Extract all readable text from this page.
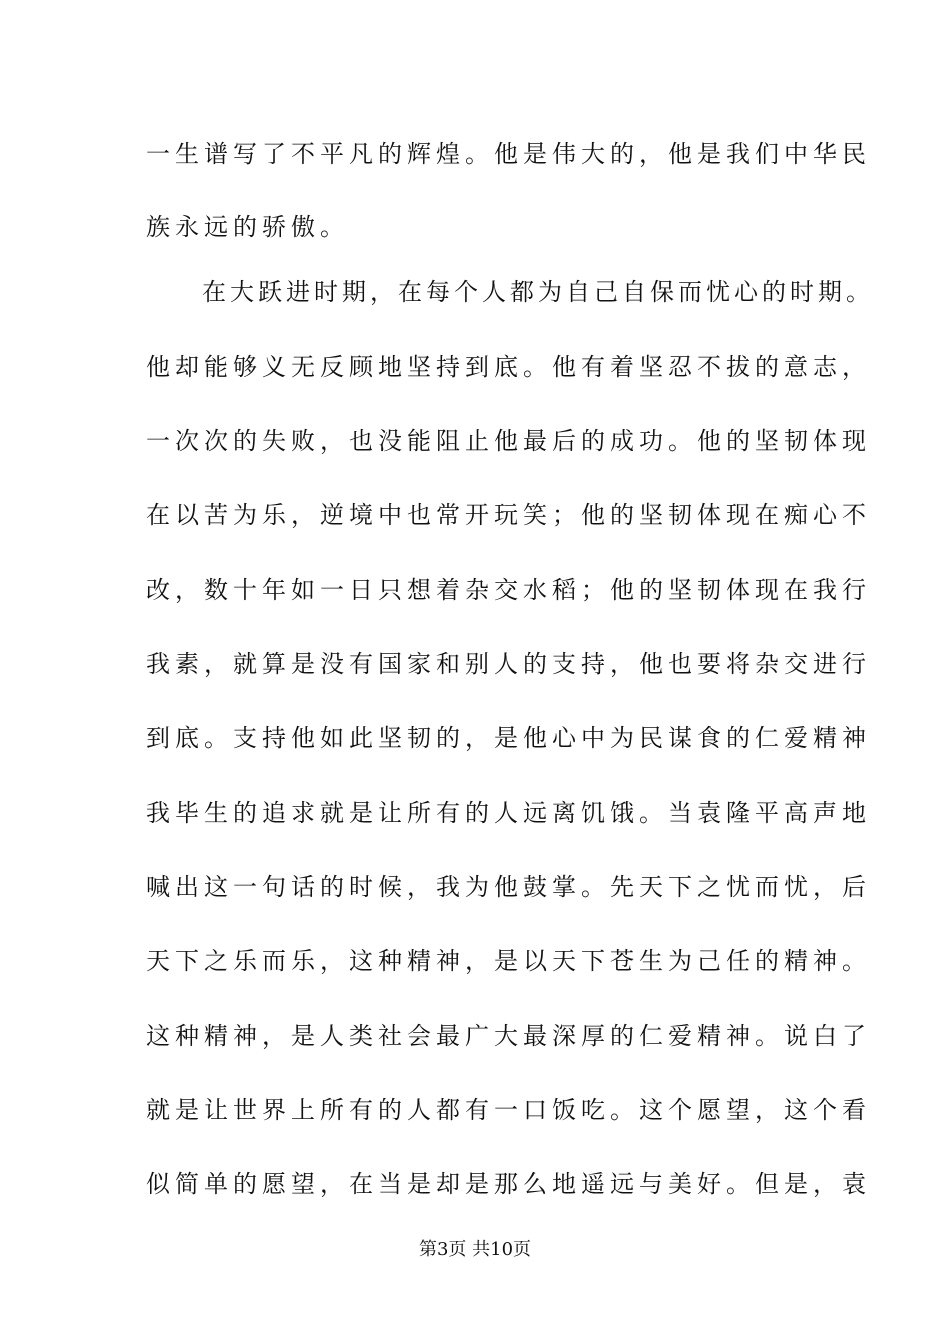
一生谱写了不平凡的辉煌。他是伟大的，他是我们中华民
族永远的骄傲。
　　在大跃进时期，在每个人都为自己自保而忧心的时期。
他却能够义无反顾地坚持到底。他有着坚忍不拔的意志，
一次次的失败，也没能阻止他最后的成功。他的坚韧体现
在以苦为乐，逆境中也常开玩笑；他的坚韧体现在痴心不
改，数十年如一日只想着杂交水稻；他的坚韧体现在我行
我素，就算是没有国家和别人的支持，他也要将杂交进行
到底。支持他如此坚韧的，是他心中为民谋食的仁爱精神
我毕生的追求就是让所有的人远离饥饿。当袁隆平高声地
喊出这一句话的时候，我为他鼓掌。先天下之忧而忧，后
天下之乐而乐，这种精神，是以天下苍生为己任的精神。
这种精神，是人类社会最广大最深厚的仁爱精神。说白了
就是让世界上所有的人都有一口饭吃。这个愿望，这个看
似简单的愿望，在当是却是那么地遥远与美好。但是，袁
第3页 共10页
